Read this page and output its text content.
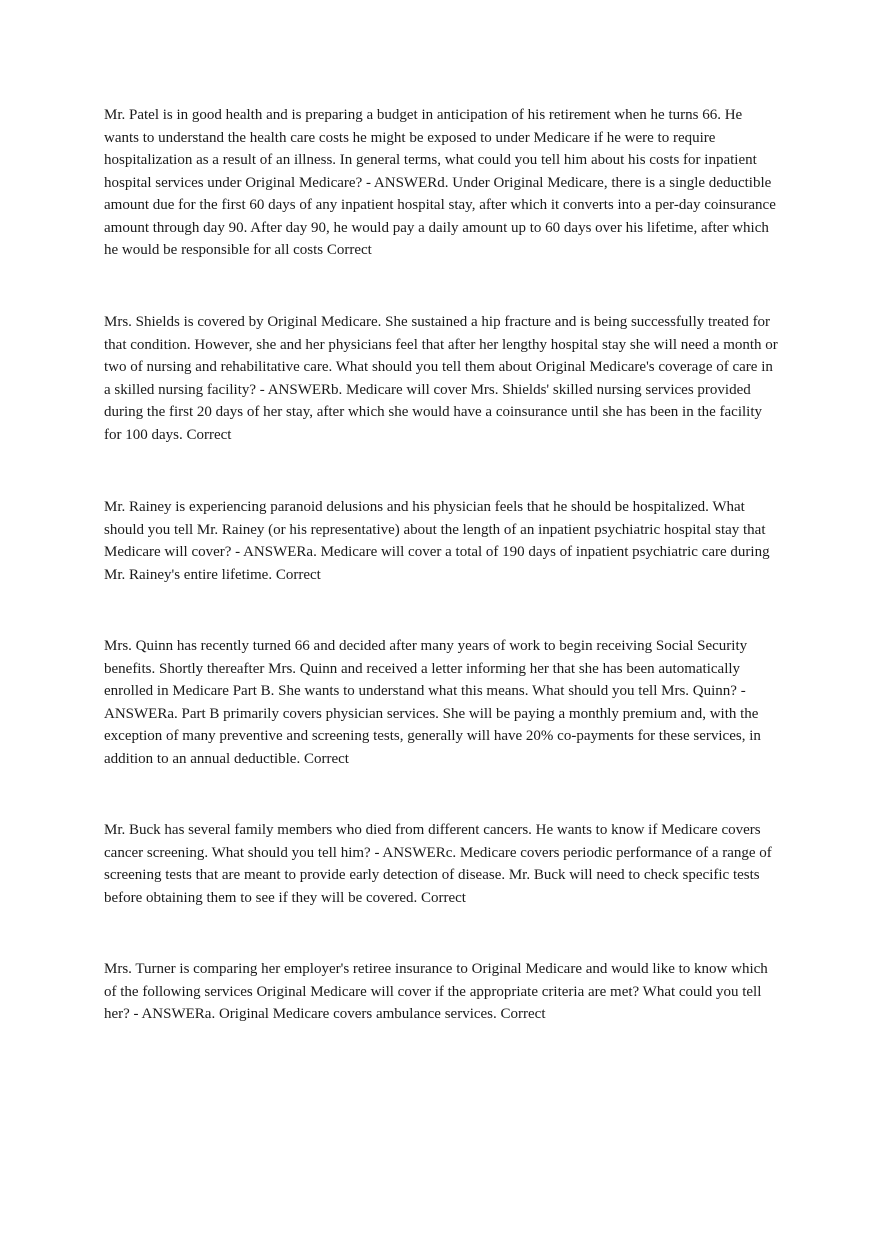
Mr. Patel is in good health and is preparing a budget in anticipation of his retirement when he turns 66. He wants to understand the health care costs he might be exposed to under Medicare if he were to require hospitalization as a result of an illness. In general terms, what could you tell him about his costs for inpatient hospital services under Original Medicare? - ANSWERd. Under Original Medicare, there is a single deductible amount due for the first 60 days of any inpatient hospital stay, after which it converts into a per-day coinsurance amount through day 90. After day 90, he would pay a daily amount up to 60 days over his lifetime, after which he would be responsible for all costs Correct

Mrs. Shields is covered by Original Medicare. She sustained a hip fracture and is being successfully treated for that condition. However, she and her physicians feel that after her lengthy hospital stay she will need a month or two of nursing and rehabilitative care. What should you tell them about Original Medicare's coverage of care in a skilled nursing facility? - ANSWERb. Medicare will cover Mrs. Shields' skilled nursing services provided during the first 20 days of her stay, after which she would have a coinsurance until she has been in the facility for 100 days. Correct

Mr. Rainey is experiencing paranoid delusions and his physician feels that he should be hospitalized. What should you tell Mr. Rainey (or his representative) about the length of an inpatient psychiatric hospital stay that Medicare will cover? - ANSWERa. Medicare will cover a total of 190 days of inpatient psychiatric care during Mr. Rainey's entire lifetime. Correct

Mrs. Quinn has recently turned 66 and decided after many years of work to begin receiving Social Security benefits. Shortly thereafter Mrs. Quinn and received a letter informing her that she has been automatically enrolled in Medicare Part B. She wants to understand what this means. What should you tell Mrs. Quinn? - ANSWERa. Part B primarily covers physician services. She will be paying a monthly premium and, with the exception of many preventive and screening tests, generally will have 20% co-payments for these services, in addition to an annual deductible. Correct

Mr. Buck has several family members who died from different cancers. He wants to know if Medicare covers cancer screening. What should you tell him? - ANSWERc. Medicare covers periodic performance of a range of screening tests that are meant to provide early detection of disease. Mr. Buck will need to check specific tests before obtaining them to see if they will be covered. Correct

Mrs. Turner is comparing her employer's retiree insurance to Original Medicare and would like to know which of the following services Original Medicare will cover if the appropriate criteria are met? What could you tell her? - ANSWERa. Original Medicare covers ambulance services. Correct
